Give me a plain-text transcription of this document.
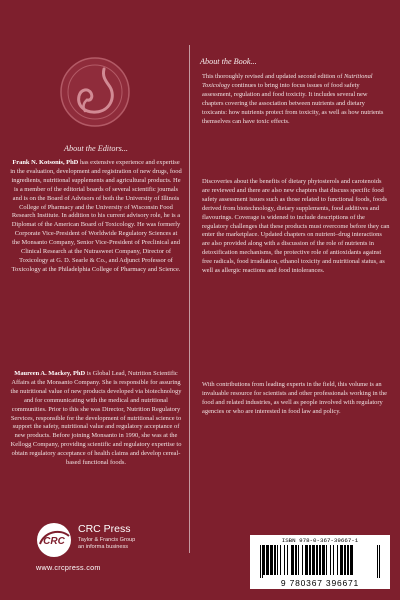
About the Editors...
Frank N. Kotsonis, PhD has extensive experience and expertise in the evaluation, development and registration of new drugs, food ingredients, nutritional supplements and agricultural products. He is a member of the editorial boards of several scientific journals and is on the Board of Advisors of both the University of Illinois College of Pharmacy and the University of Wisconsin Food Research Institute. In addition to his current advisory role, he is a Diplomat of the American Board of Toxicology. He was formerly Corporate Vice-President of Worldwide Regulatory Sciences at the Monsanto Company, Senior Vice-President of Preclinical and Clinical Research at the Nutrasweet Company, Director of Toxicology at G. D. Searle & Co., and Adjunct Professor of Toxicology at the Philadelphia College of Pharmacy and Science.
Maureen A. Mackey, PhD is Global Lead, Nutrition Scientific Affairs at the Monsanto Company. She is responsible for assuring the nutritional value of new products developed via biotechnology and for communicating with the medical and nutritional communities. Prior to this she was Director, Nutrition Regulatory Services, responsible for the development of nutritional science to support the safety, nutritional value and regulatory acceptance of new products. Before joining Monsanto in 1990, she was at the Kellogg Company, providing scientific and regulatory expertise to obtain regulatory acceptance of health claims and develop cereal-based functional foods.
About the Book...
This thoroughly revised and updated second edition of Nutritional Toxicology continues to bring into focus issues of food safety assessment, regulation and food toxicity. It includes several new chapters covering the association between nutrients and dietary toxicants: how nutrients protect from toxicity, as well as how nutrients themselves can have toxic effects.
Discoveries about the benefits of dietary phytosterols and carotenoids are reviewed and there are also new chapters that discuss specific food safety assessment issues such as those related to functional foods, foods derived from biotechnology, dietary supplements, food additives and flavourings. Coverage is widened to include descriptions of the regulatory challenges that these products must overcome before they can enter the marketplace. Updated chapters on nutrient–drug interactions are also provided along with a discussion of the role of nutrients in detoxification mechanisms, the protective role of antioxidants against free radicals, food irradiation, ethanol toxicity and nutritional status, as well as allergic reactions and food intolerances.
With contributions from leading experts in the field, this volume is an invaluable resource for scientists and other professionals working in the food and related industries, as well as people involved with regulatory agencies or who are interested in food law and policy.
CRC
CRC Press
Taylor & Francis Group
an informa business
www.crcpress.com
ISBN 978-0-367-39667-1
9 780367 396671
